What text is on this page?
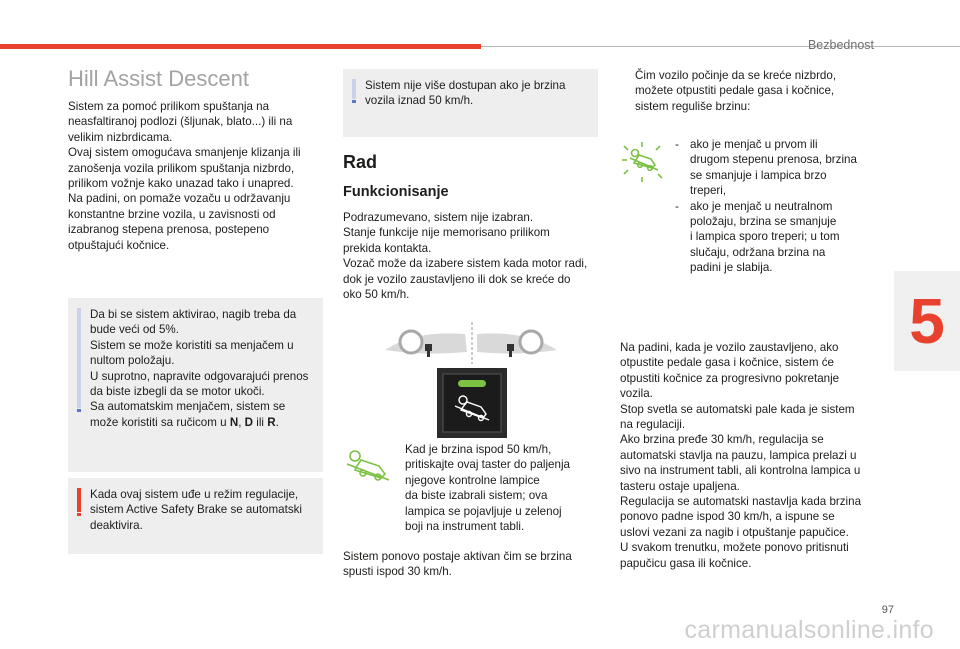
Bezbednost
5
Hill Assist Descent

Sistem za pomoć prilikom spuštanja na
neasfaltiranoj podlozi (šljunak, blato...) ili na
velikim nizbrdicama.
Ovaj sistem omogućava smanjenje klizanja ili
zanošenja vozila prilikom spuštanja nizbrdo,
prilikom vožnje kako unazad tako i unapred.
Na padini, on pomaže vozaču u održavanju
konstantne brzine vozila, u zavisnosti od
izabranog stepena prenosa, postepeno
otpuštajući kočnice.

Da bi se sistem aktivirao, nagib treba da
bude veći od 5%.
Sistem se može koristiti sa menjačem u
nultom položaju.
U suprotno, napravite odgovarajući prenos
da biste izbegli da se motor ukoči.
Sa automatskim menjačem, sistem se
može koristiti sa ručicom u N, D ili R.

Kada ovaj sistem uđe u režim regulacije,
sistem Active Safety Brake se automatski
deaktivira.

Sistem nije više dostupan ako je brzina
vozila iznad 50 km/h.

Rad
Funkcionisanje

Podrazumevano, sistem nije izabran.
Stanje funkcije nije memorisano prilikom
prekida kontakta.
Vozač može da izabere sistem kada motor radi,
dok je vozilo zaustavljeno ili dok se kreće do
oko 50 km/h.

Kad je brzina ispod 50 km/h,
pritiskajte ovaj taster do paljenja
njegove kontrolne lampice
da biste izabrali sistem; ova
lampica se pojavljuje u zelenoj
boji na instrument tabli.

Sistem ponovo postaje aktivan čim se brzina
spusti ispod 30 km/h.

Čim vozilo počinje da se kreće nizbrdo,
možete otpustiti pedale gasa i kočnice,
sistem reguliše brzinu:

- ako je menjač u prvom ili
drugom stepenu prenosa, brzina
se smanjuje i lampica brzo
treperi,
- ako je menjač u neutralnom
položaju, brzina se smanjuje
i lampica sporo treperi; u tom
slučaju, održana brzina na
padini je slabija.

Na padini, kada je vozilo zaustavljeno, ako
otpustite pedale gasa i kočnice, sistem će
otpustiti kočnice za progresivno pokretanje
vozila.
Stop svetla se automatski pale kada je sistem
na regulaciji.
Ako brzina pređe 30 km/h, regulacija se
automatski stavlja na pauzu, lampica prelazi u
sivo na instrument tabli, ali kontrolna lampica u
tasteru ostaje upaljena.
Regulacija se automatski nastavlja kada brzina
ponovo padne ispod 30 km/h, a ispune se
uslovi vezani za nagib i otpuštanje papučice.
U svakom trenutku, možete ponovo pritisnuti
papučicu gasa ili kočnice.

97
carmanualsonline.info
